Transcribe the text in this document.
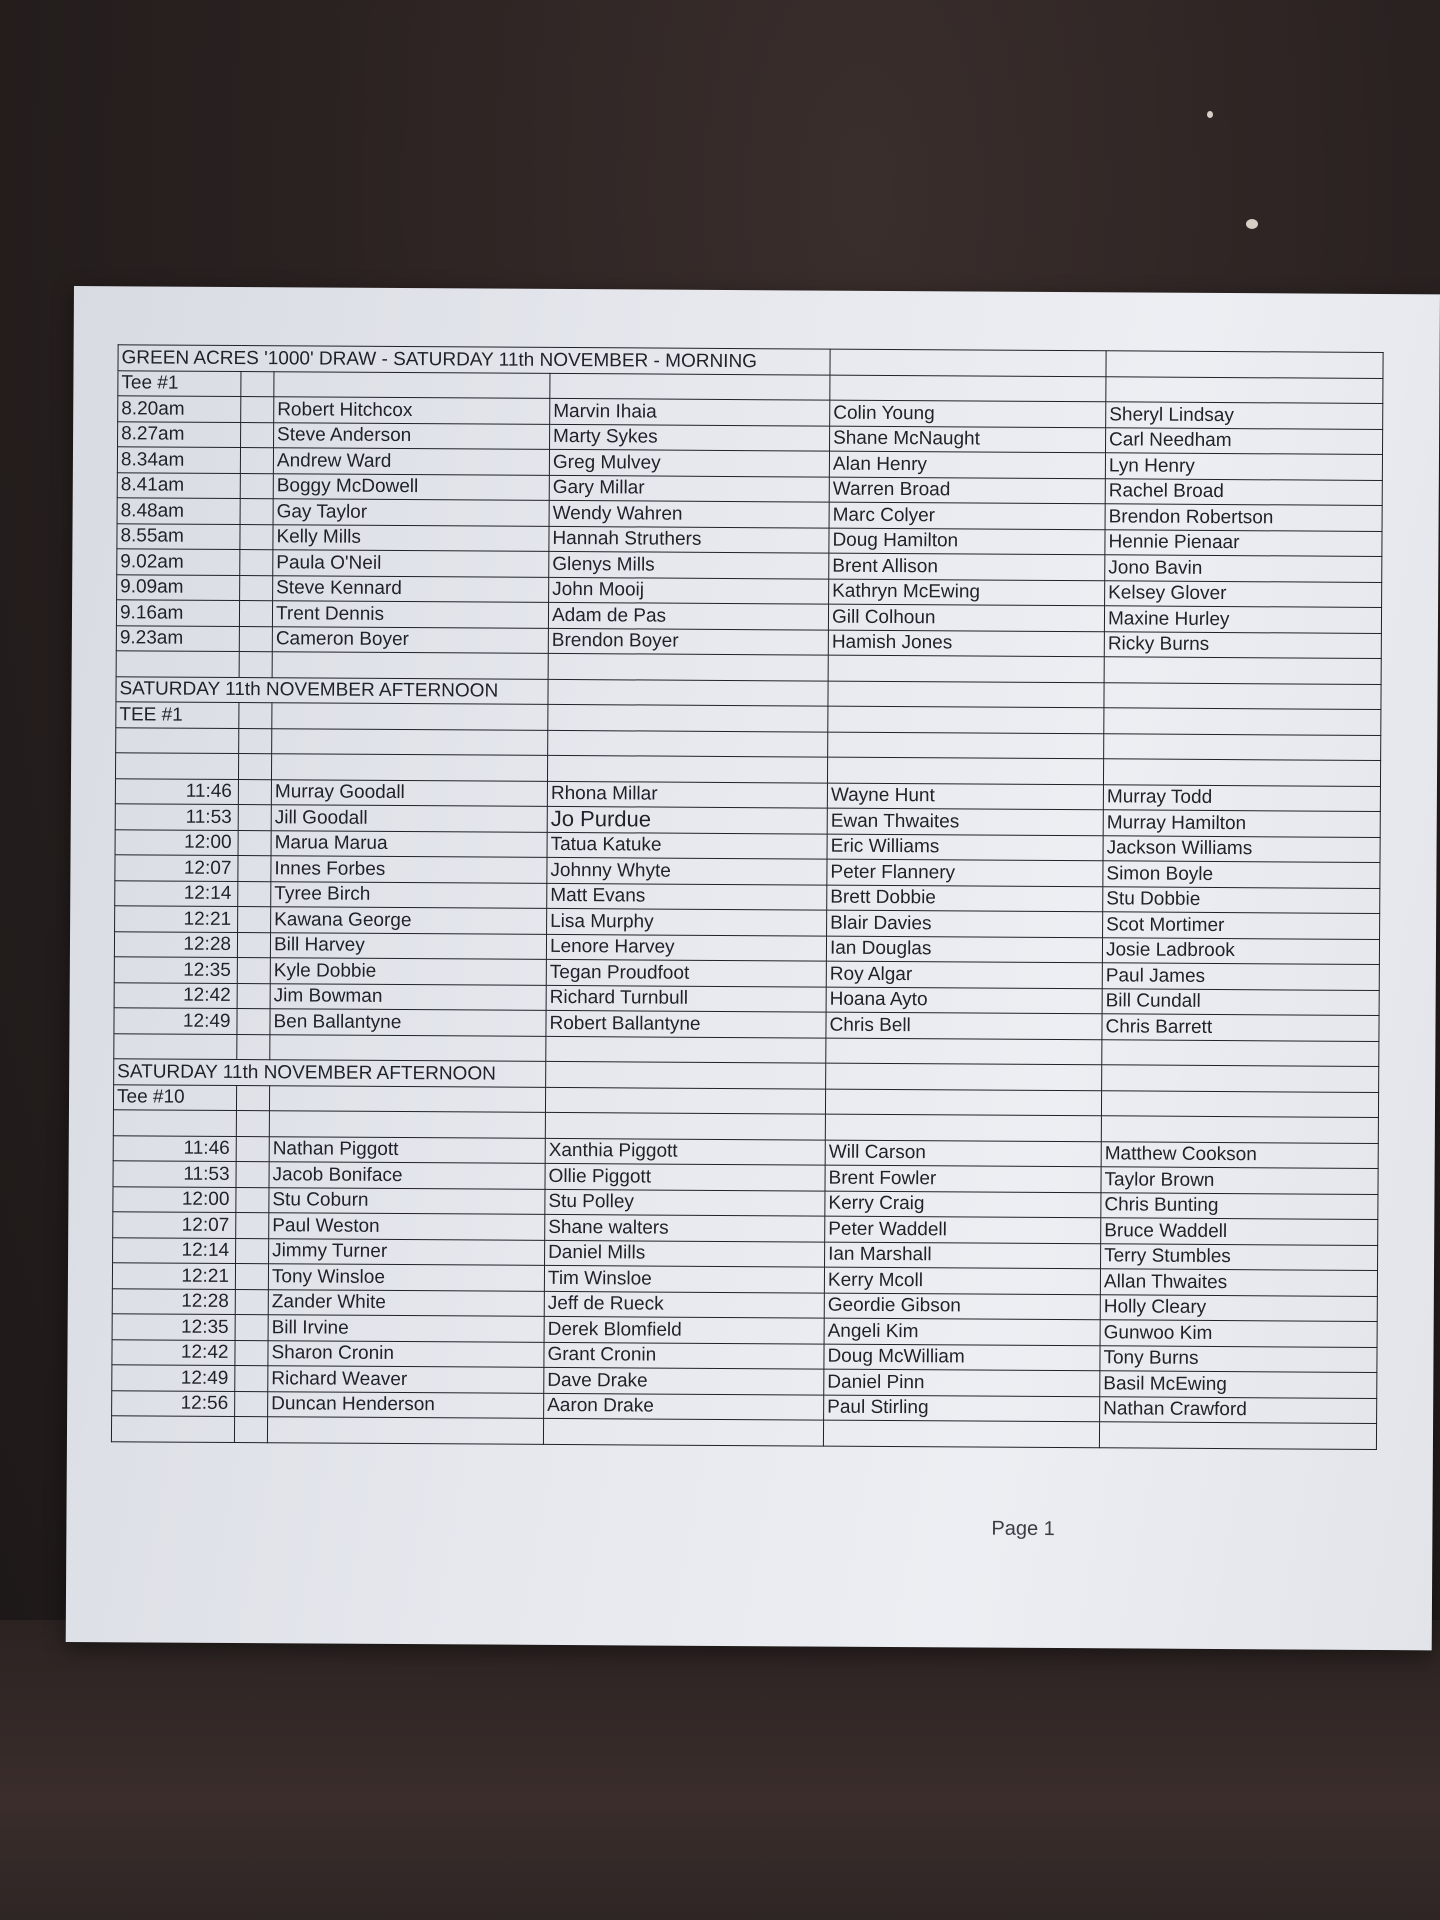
GREEN ACRES '1000' DRAW - SATURDAY 11th NOVEMBER - MORNING					
Tee #1					
8.20am		Robert Hitchcox	Marvin Ihaia	Colin Young	Sheryl Lindsay
8.27am		Steve Anderson	Marty Sykes	Shane McNaught	Carl Needham
8.34am		Andrew Ward	Greg Mulvey	Alan Henry	Lyn Henry
8.41am		Boggy McDowell	Gary Millar	Warren Broad	Rachel Broad
8.48am		Gay Taylor	Wendy Wahren	Marc Colyer	Brendon Robertson
8.55am		Kelly Mills	Hannah Struthers	Doug Hamilton	Hennie Pienaar
9.02am		Paula O'Neil	Glenys Mills	Brent Allison	Jono Bavin
9.09am		Steve Kennard	John Mooij	Kathryn McEwing	Kelsey Glover
9.16am		Trent Dennis	Adam de Pas	Gill Colhoun	Maxine Hurley
9.23am		Cameron Boyer	Brendon Boyer	Hamish Jones	Ricky Burns

SATURDAY 11th NOVEMBER AFTERNOON					
TEE #1					

11:46		Murray Goodall	Rhona Millar	Wayne Hunt	Murray Todd
11:53		Jill Goodall	Jo Purdue	Ewan Thwaites	Murray Hamilton
12:00		Marua Marua	Tatua Katuke	Eric Williams	Jackson Williams
12:07		Innes Forbes	Johnny Whyte	Peter Flannery	Simon Boyle
12:14		Tyree Birch	Matt Evans	Brett Dobbie	Stu Dobbie
12:21		Kawana George	Lisa Murphy	Blair Davies	Scot Mortimer
12:28		Bill Harvey	Lenore Harvey	Ian Douglas	Josie Ladbrook
12:35		Kyle Dobbie	Tegan Proudfoot	Roy Algar	Paul James
12:42		Jim Bowman	Richard Turnbull	Hoana Ayto	Bill Cundall
12:49		Ben Ballantyne	Robert Ballantyne	Chris Bell	Chris Barrett

SATURDAY 11th NOVEMBER AFTERNOON					
Tee #10					

11:46		Nathan Piggott	Xanthia Piggott	Will Carson	Matthew Cookson
11:53		Jacob Boniface	Ollie Piggott	Brent Fowler	Taylor Brown
12:00		Stu Coburn	Stu Polley	Kerry Craig	Chris Bunting
12:07		Paul Weston	Shane walters	Peter Waddell	Bruce Waddell
12:14		Jimmy Turner	Daniel Mills	Ian Marshall	Terry Stumbles
12:21		Tony Winsloe	Tim Winsloe	Kerry Mcoll	Allan Thwaites
12:28		Zander White	Jeff de Rueck	Geordie Gibson	Holly Cleary
12:35		Bill Irvine	Derek Blomfield	Angeli Kim	Gunwoo Kim
12:42		Sharon Cronin	Grant Cronin	Doug McWilliam	Tony Burns
12:49		Richard Weaver	Dave Drake	Daniel Pinn	Basil McEwing
12:56		Duncan Henderson	Aaron Drake	Paul Stirling	Nathan Crawford

Page 1
